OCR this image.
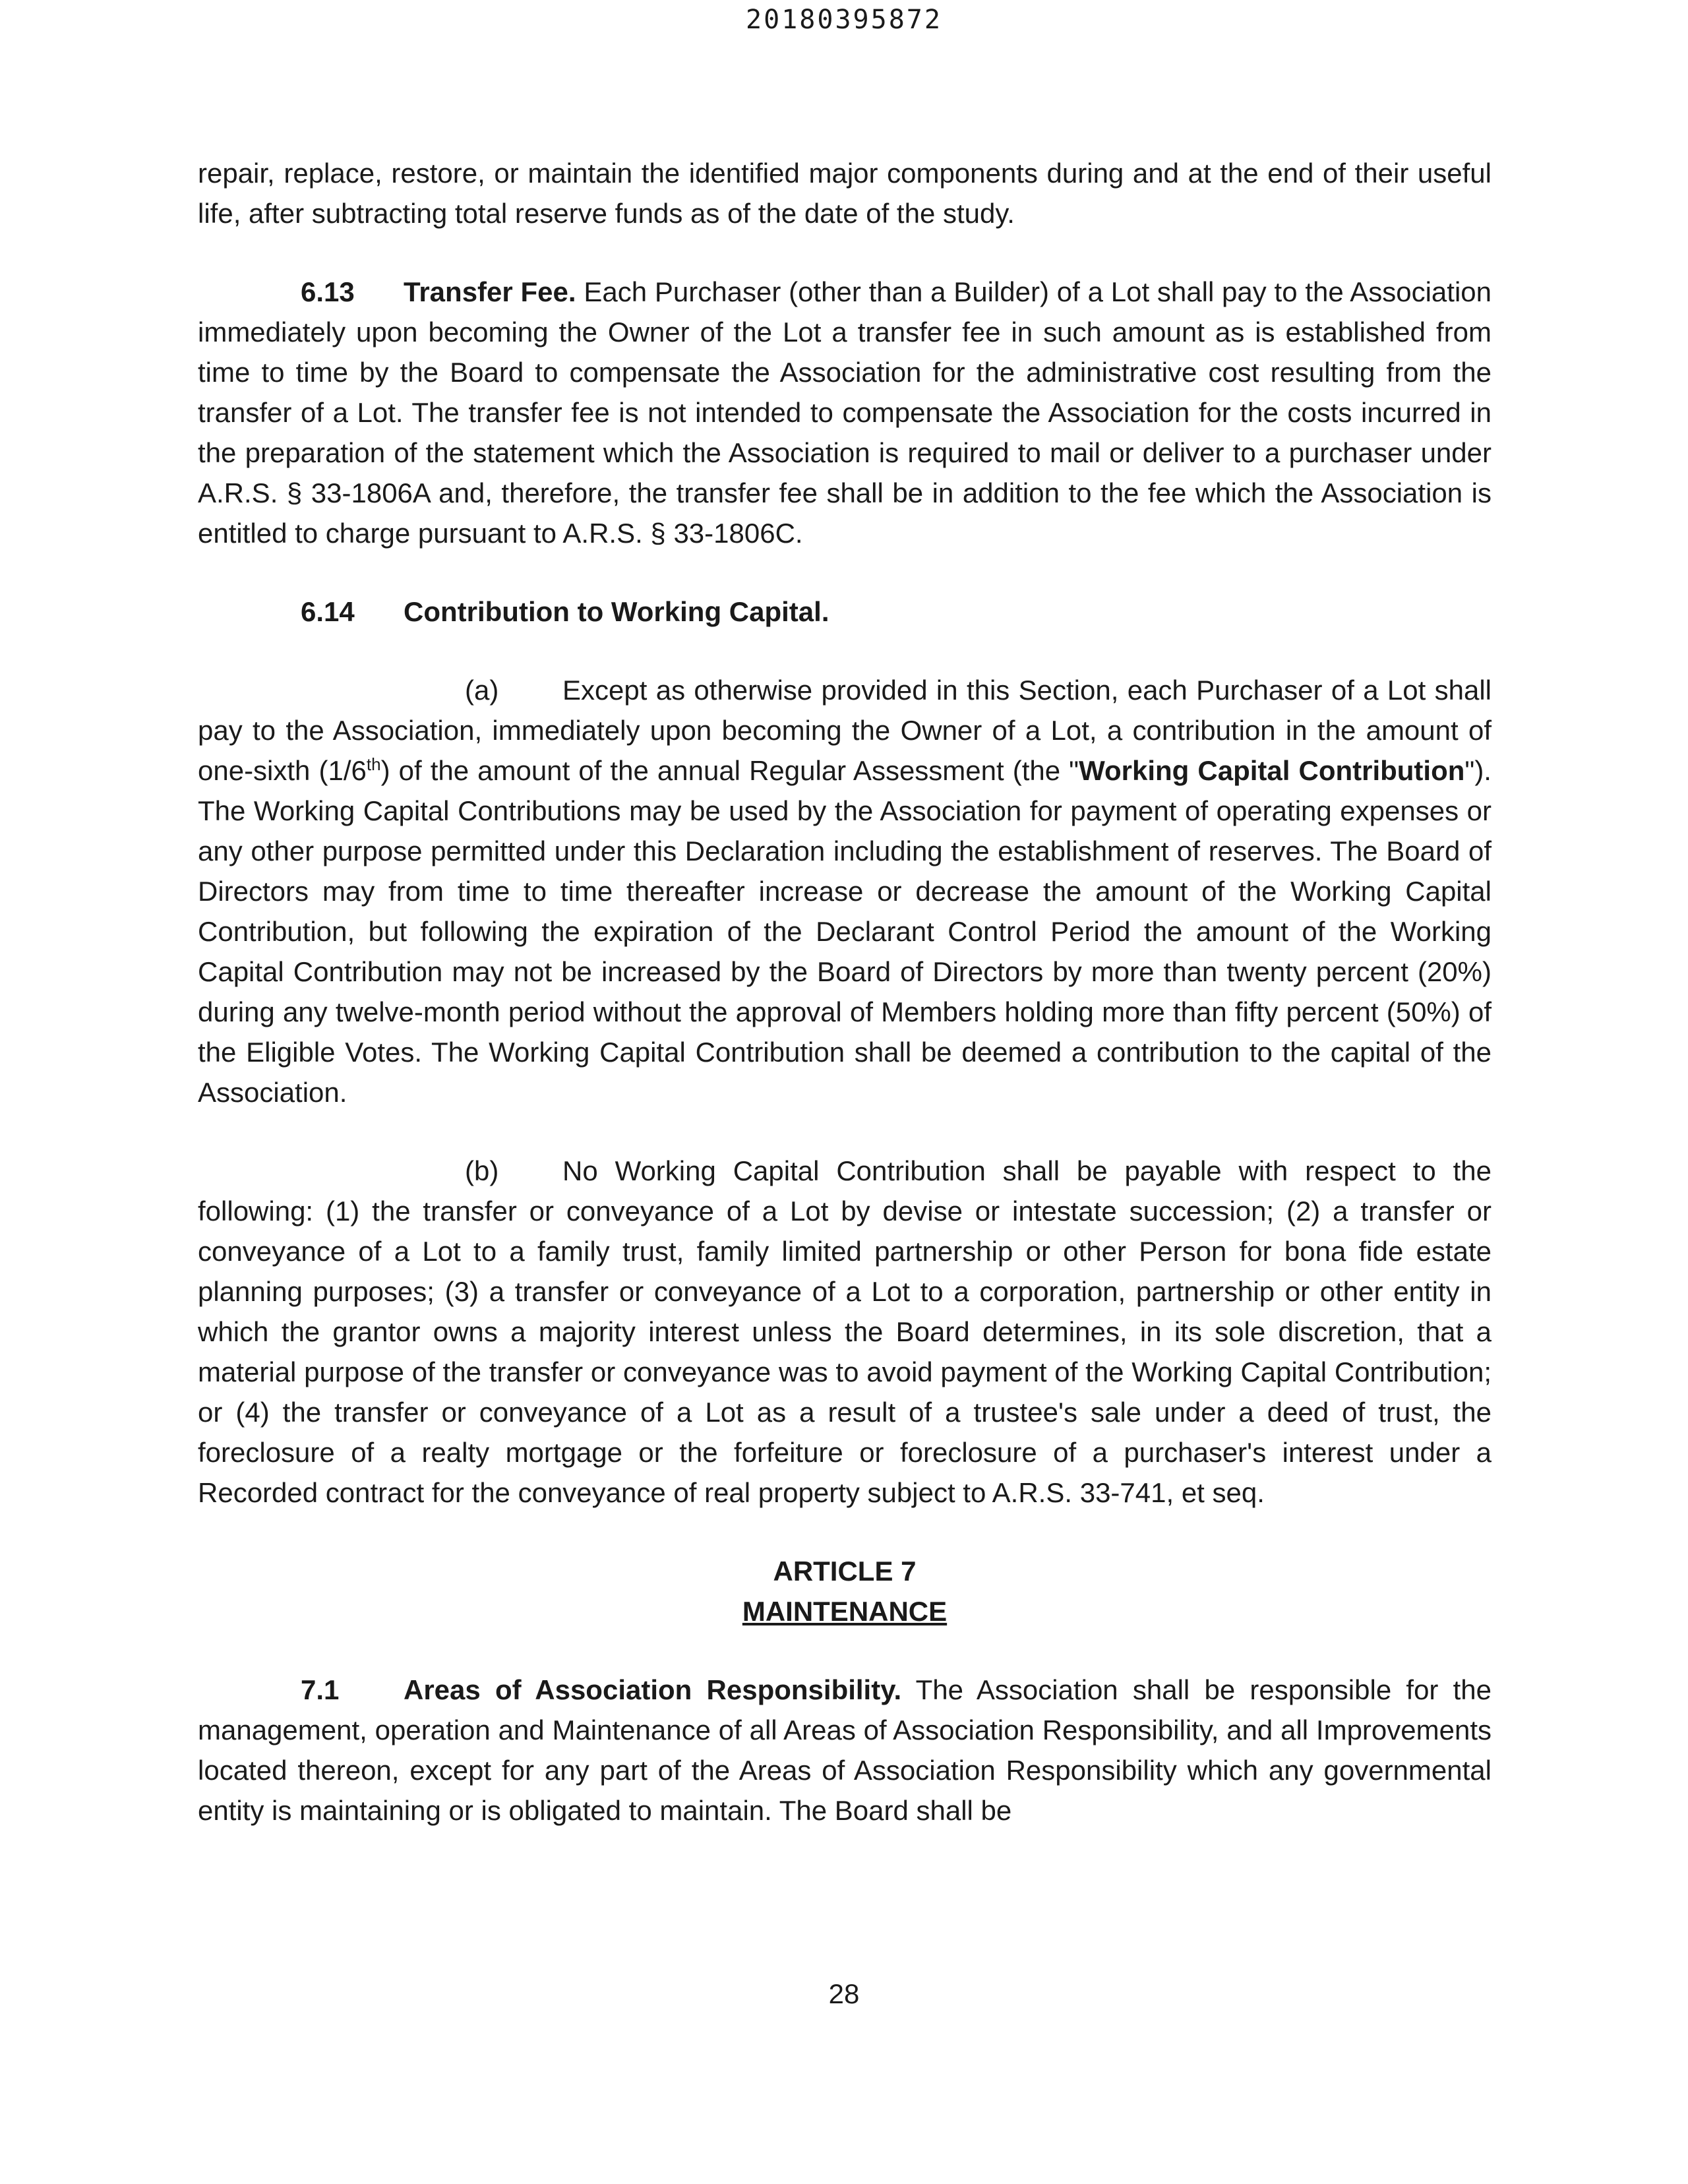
20180395872

repair, replace, restore, or maintain the identified major components during and at the end of their useful life, after subtracting total reserve funds as of the date of the study.

6.13 Transfer Fee. Each Purchaser (other than a Builder) of a Lot shall pay to the Association immediately upon becoming the Owner of the Lot a transfer fee in such amount as is established from time to time by the Board to compensate the Association for the administrative cost resulting from the transfer of a Lot. The transfer fee is not intended to compensate the Association for the costs incurred in the preparation of the statement which the Association is required to mail or deliver to a purchaser under A.R.S. § 33-1806A and, therefore, the transfer fee shall be in addition to the fee which the Association is entitled to charge pursuant to A.R.S. § 33-1806C.

6.14 Contribution to Working Capital.

(a) Except as otherwise provided in this Section, each Purchaser of a Lot shall pay to the Association, immediately upon becoming the Owner of a Lot, a contribution in the amount of one-sixth (1/6th) of the amount of the annual Regular Assessment (the "Working Capital Contribution"). The Working Capital Contributions may be used by the Association for payment of operating expenses or any other purpose permitted under this Declaration including the establishment of reserves. The Board of Directors may from time to time thereafter increase or decrease the amount of the Working Capital Contribution, but following the expiration of the Declarant Control Period the amount of the Working Capital Contribution may not be increased by the Board of Directors by more than twenty percent (20%) during any twelve-month period without the approval of Members holding more than fifty percent (50%) of the Eligible Votes. The Working Capital Contribution shall be deemed a contribution to the capital of the Association.

(b) No Working Capital Contribution shall be payable with respect to the following: (1) the transfer or conveyance of a Lot by devise or intestate succession; (2) a transfer or conveyance of a Lot to a family trust, family limited partnership or other Person for bona fide estate planning purposes; (3) a transfer or conveyance of a Lot to a corporation, partnership or other entity in which the grantor owns a majority interest unless the Board determines, in its sole discretion, that a material purpose of the transfer or conveyance was to avoid payment of the Working Capital Contribution; or (4) the transfer or conveyance of a Lot as a result of a trustee's sale under a deed of trust, the foreclosure of a realty mortgage or the forfeiture or foreclosure of a purchaser's interest under a Recorded contract for the conveyance of real property subject to A.R.S. 33-741, et seq.

ARTICLE 7
MAINTENANCE

7.1 Areas of Association Responsibility. The Association shall be responsible for the management, operation and Maintenance of all Areas of Association Responsibility, and all Improvements located thereon, except for any part of the Areas of Association Responsibility which any governmental entity is maintaining or is obligated to maintain. The Board shall be

28
